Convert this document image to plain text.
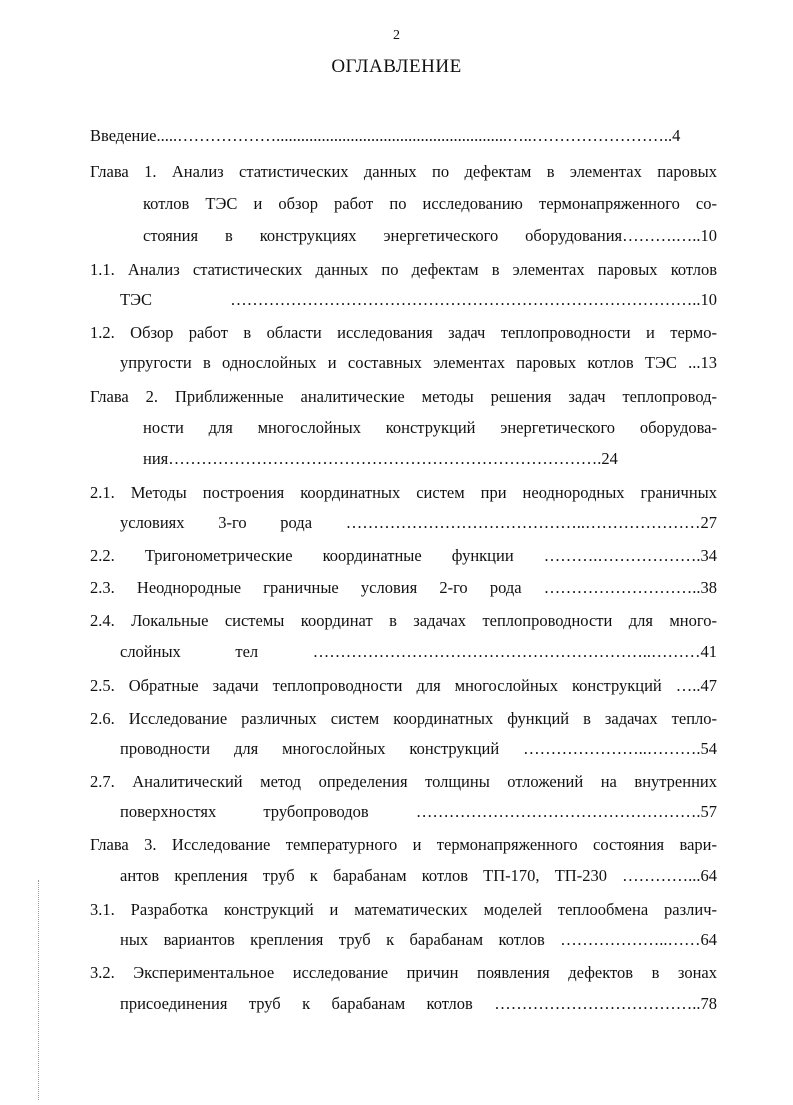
2
ОГЛАВЛЕНИЕ
Введение.....………………........................................................…..……………………..4
Глава 1. Анализ статистических данных по дефектам в элементах паровых
котлов ТЭС и обзор работ по исследованию термонапряженного со-
стояния в конструкциях энергетического оборудования……….…..10
1.1. Анализ статистических данных по дефектам в элементах паровых котлов
ТЭС …………………………………………………………………………..10
1.2. Обзор работ в области исследования задач теплопроводности и термо-
упругости в однослойных и составных элементах паровых котлов ТЭС ...13
Глава 2. Приближенные аналитические методы решения задач теплопровод-
ности для многослойных конструкций энергетического оборудова-
ния…………………………………………………………………….24
2.1. Методы построения координатных систем при неоднородных граничных
условиях 3-го рода ……………………………………..…………………27
2.2. Тригонометрические координатные функции ……….……………….34
2.3. Неоднородные граничные условия 2-го рода ………………………..38
2.4. Локальные системы координат в задачах теплопроводности для много-
слойных тел ……………………………………………………..………41
2.5. Обратные задачи теплопроводности для многослойных конструкций …..47
2.6. Исследование различных систем координатных функций в задачах тепло-
проводности для многослойных конструкций …………………..……….54
2.7. Аналитический метод определения толщины отложений на внутренних
поверхностях трубопроводов …………………………………………….57
Глава 3. Исследование температурного и термонапряженного состояния вари-
антов крепления труб к барабанам котлов ТП-170, ТП-230 …………...64
3.1. Разработка конструкций и математических моделей теплообмена различ-
ных вариантов крепления труб к барабанам котлов ………………..……64
3.2. Экспериментальное исследование причин появления дефектов в зонах
присоединения труб к барабанам котлов ………………………………..78
